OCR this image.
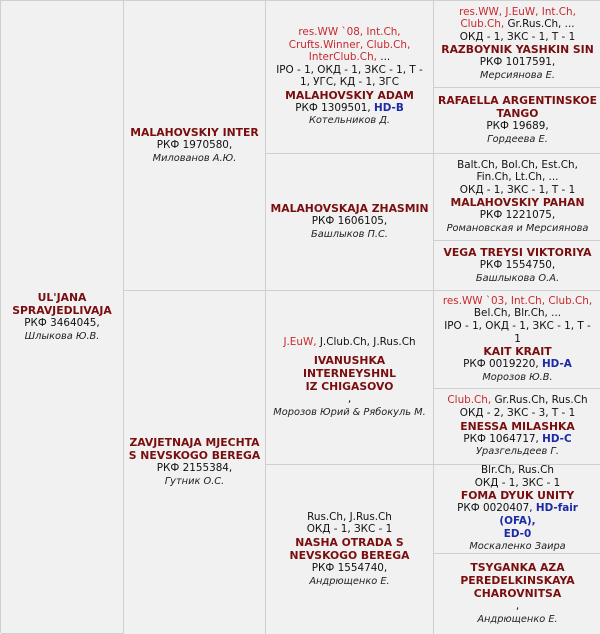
UL'JANA
SPRAVJEDLIVAJA
РКФ 3464045,
Шлыкова Ю.В.
MALAHOVSKIY INTER
РКФ 1970580,
Милованов А.Ю.
ZAVJETNAJA MJECHTA
S NEVSKOGO BEREGA
РКФ 2155384,
Гутник О.С.
res.WW `08, Int.Ch,
Crufts.Winner, Club.Ch,
InterClub.Ch, ...
IPO - 1, ОКД - 1, ЗКС - 1, Т -
1, УГС, КД - 1, ЗГС
MALAHOVSKIY ADAM
РКФ 1309501, HD-B
Котельников Д.
MALAHOVSKAJA ZHASMIN
РКФ 1606105,
Башлыков П.С.
J.EuW, J.Club.Ch, J.Rus.Ch
IVANUSHKA INTERNEYSHNL
IZ CHIGASOVO
,
Морозов Юрий & Рябокуль М.
Rus.Ch, J.Rus.Ch
ОКД - 1, ЗКС - 1
NASHA OTRADA S
NEVSKOGO BEREGA
РКФ 1554740,
Андрющенко Е.
res.WW, J.EuW, Int.Ch,
Club.Ch, Gr.Rus.Ch, ...
ОКД - 1, ЗКС - 1, Т - 1
RAZBOYNIK YASHKIN SIN
РКФ 1017591,
Мерсиянова Е.
RAFAELLA ARGENTINSKOE
TANGO
РКФ 19689,
Гордеева Е.
Balt.Ch, Bol.Ch, Est.Ch,
Fin.Ch, Lt.Ch, ...
ОКД - 1, ЗКС - 1, Т - 1
MALAHOVSKIY PAHAN
РКФ 1221075,
Романовская и Мерсиянова
VEGA TREYSI VIKTORIYA
РКФ 1554750,
Башлыкова О.А.
res.WW `03, Int.Ch, Club.Ch,
Bel.Ch, Blr.Ch, ...
IPO - 1, ОКД - 1, ЗКС - 1, Т -
1
KAIT KRAIT
РКФ 0019220, HD-A
Морозов Ю.В.
Club.Ch, Gr.Rus.Ch, Rus.Ch
ОКД - 2, ЗКС - 3, Т - 1
ENESSA MILASHKA
РКФ 1064717, HD-C
Уразгельдеев Г.
Blr.Ch, Rus.Ch
ОКД - 1, ЗКС - 1
FOMA DYUK UNITY
РКФ 0020407, HD-fair (OFA),
ED-0
Москаленко Заира
TSYGANKA AZA
PEREDELKINSKAYA
CHAROVNITSA
,
Андрющенко Е.
